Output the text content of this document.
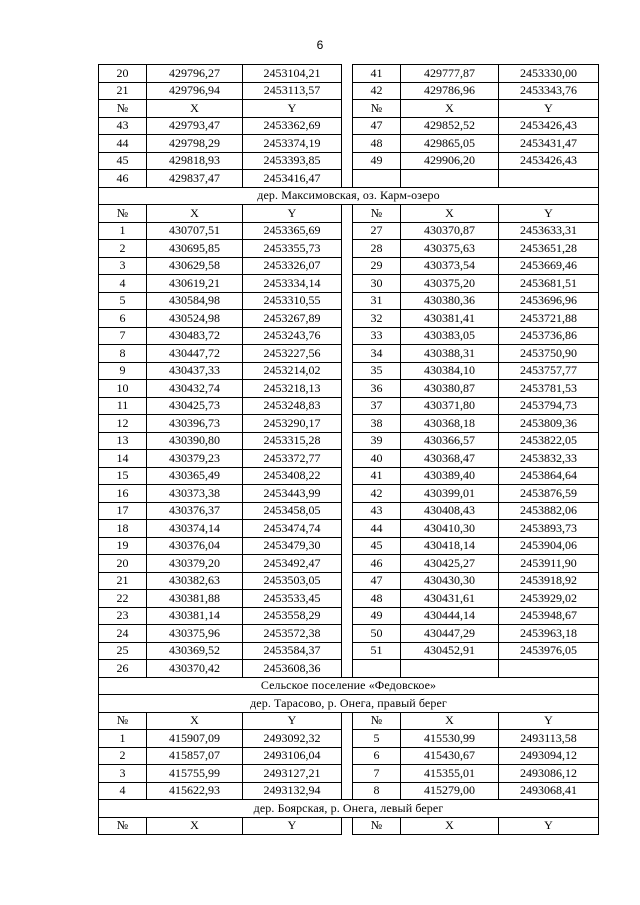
6
20	429796,27	2453104,21		41	429777,87	2453330,00
21	429796,94	2453113,57		42	429786,96	2453343,76
№	X	Y		№	X	Y
43	429793,47	2453362,69		47	429852,52	2453426,43
44	429798,29	2453374,19		48	429865,05	2453431,47
45	429818,93	2453393,85		49	429906,20	2453426,43
46	429837,47	2453416,47				
дер. Максимовская, оз. Карм-озеро						
№	X	Y		№	X	Y
1	430707,51	2453365,69		27	430370,87	2453633,31
2	430695,85	2453355,73		28	430375,63	2453651,28
3	430629,58	2453326,07		29	430373,54	2453669,46
4	430619,21	2453334,14		30	430375,20	2453681,51
5	430584,98	2453310,55		31	430380,36	2453696,96
6	430524,98	2453267,89		32	430381,41	2453721,88
7	430483,72	2453243,76		33	430383,05	2453736,86
8	430447,72	2453227,56		34	430388,31	2453750,90
9	430437,33	2453214,02		35	430384,10	2453757,77
10	430432,74	2453218,13		36	430380,87	2453781,53
11	430425,73	2453248,83		37	430371,80	2453794,73
12	430396,73	2453290,17		38	430368,18	2453809,36
13	430390,80	2453315,28		39	430366,57	2453822,05
14	430379,23	2453372,77		40	430368,47	2453832,33
15	430365,49	2453408,22		41	430389,40	2453864,64
16	430373,38	2453443,99		42	430399,01	2453876,59
17	430376,37	2453458,05		43	430408,43	2453882,06
18	430374,14	2453474,74		44	430410,30	2453893,73
19	430376,04	2453479,30		45	430418,14	2453904,06
20	430379,20	2453492,47		46	430425,27	2453911,90
21	430382,63	2453503,05		47	430430,30	2453918,92
22	430381,88	2453533,45		48	430431,61	2453929,02
23	430381,14	2453558,29		49	430444,14	2453948,67
24	430375,96	2453572,38		50	430447,29	2453963,18
25	430369,52	2453584,37		51	430452,91	2453976,05
26	430370,42	2453608,36				
Сельское поселение «Федовское»						
дер. Тарасово, р. Онега, правый берег						
№	X	Y		№	X	Y
1	415907,09	2493092,32		5	415530,99	2493113,58
2	415857,07	2493106,04		6	415430,67	2493094,12
3	415755,99	2493127,21		7	415355,01	2493086,12
4	415622,93	2493132,94		8	415279,00	2493068,41
дер. Боярская, р. Онега, левый берег						
№	X	Y		№	X	Y
